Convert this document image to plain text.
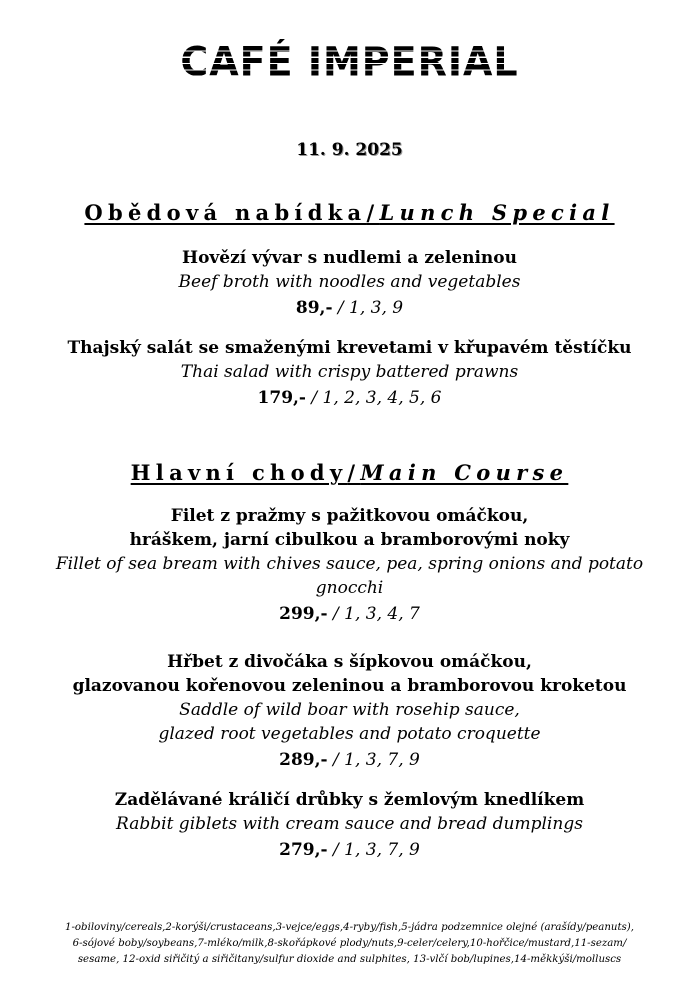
CAFÉ IMPERIAL
11. 9. 2025
Obědová nabídka/Lunch Special
Hovězí vývar s nudlemi a zeleninou
Beef broth with noodles and vegetables
89,- / 1, 3, 9
Thajský salát se smaženými krevetami v křupavém těstíčku
Thai salad with crispy battered prawns
179,- / 1, 2, 3, 4, 5, 6
Hlavní chody/Main Course
Filet z pražmy s pažitkovou omáčkou,
hráškem, jarní cibulkou a bramborovými noky
Fillet of sea bream with chives sauce, pea, spring onions and potato gnocchi
299,- / 1, 3, 4, 7
Hřbet z divočáka s šípkovou omáčkou,
glazovanou kořenovou zeleninou a bramborovou kroketou
Saddle of wild boar with rosehip sauce,
glazed root vegetables and potato croquette
289,- / 1, 3, 7, 9
Zadělávané králičí drůbky s žemlovým knedlíkem
Rabbit giblets with cream sauce and bread dumplings
279,- / 1, 3, 7, 9
1-obiloviny/cereals,2-korýši/crustaceans,3-vejce/eggs,4-ryby/fish,5-jádra podzemnice olejné (arašídy/peanuts),
6-sójové boby/soybeans,7-mléko/milk,8-skořápkové plody/nuts,9-celer/celery,10-hořčice/mustard,11-sezam/
sesame, 12-oxid siřičitý a siřičitany/sulfur dioxide and sulphites, 13-vlčí bob/lupines,14-měkkýši/molluscs
